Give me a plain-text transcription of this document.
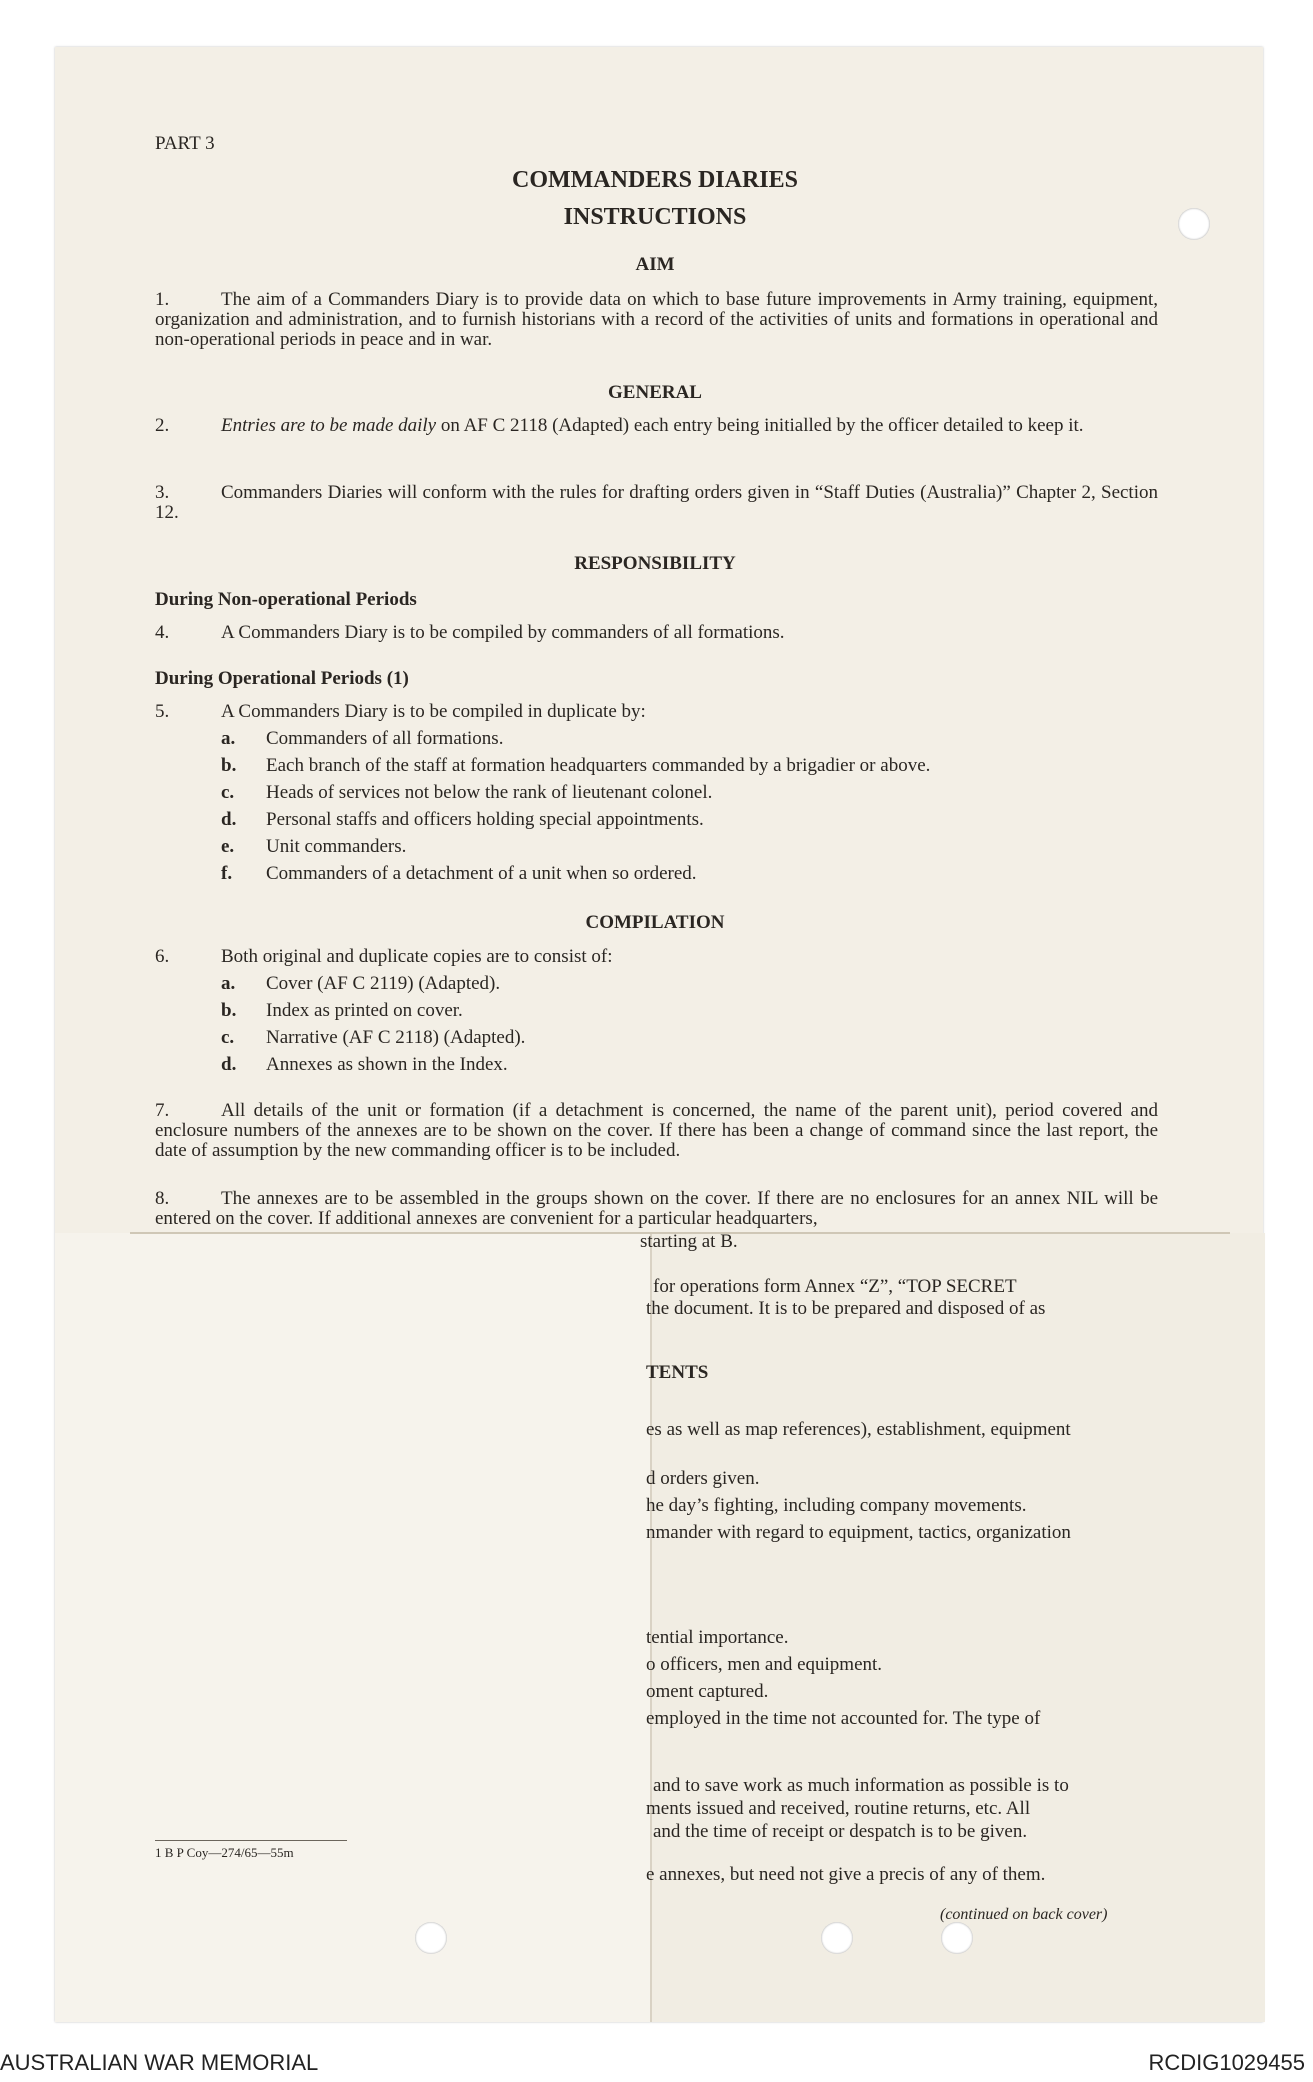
PART 3
COMMANDERS DIARIES
INSTRUCTIONS
AIM
1.	The aim of a Commanders Diary is to provide data on which to base future improvements in Army training, equipment, organization and administration, and to furnish historians with a record of the activities of units and formations in operational and non-operational periods in peace and in war.
GENERAL
2.	Entries are to be made daily on AF C 2118 (Adapted) each entry being initialled by the officer detailed to keep it.
3.	Commanders Diaries will conform with the rules for drafting orders given in “Staff Duties (Australia)” Chapter 2, Section 12.
RESPONSIBILITY
During Non-operational Periods
4.	A Commanders Diary is to be compiled by commanders of all formations.
During Operational Periods (1)
5.	A Commanders Diary is to be compiled in duplicate by:
a. Commanders of all formations.
b. Each branch of the staff at formation headquarters commanded by a brigadier or above.
c. Heads of services not below the rank of lieutenant colonel.
d. Personal staffs and officers holding special appointments.
e. Unit commanders.
f. Commanders of a detachment of a unit when so ordered.
COMPILATION
6.	Both original and duplicate copies are to consist of:
a. Cover (AF C 2119) (Adapted).
b. Index as printed on cover.
c. Narrative (AF C 2118) (Adapted).
d. Annexes as shown in the Index.
7.	All details of the unit or formation (if a detachment is concerned, the name of the parent unit), period covered and enclosure numbers of the annexes are to be shown on the cover. If there has been a change of command since the last report, the date of assumption by the new commanding officer is to be included.
8.	The annexes are to be assembled in the groups shown on the cover. If there are no enclosures for an annex NIL will be entered on the cover. If additional annexes are convenient for a particular headquarters,
starting at B.
for operations form Annex “Z”, “TOP SECRET
the document. It is to be prepared and disposed of as
TENTS
es as well as map references), establishment, equipment
d orders given.
he day’s fighting, including company movements.
nmander with regard to equipment, tactics, organization
tential importance.
o officers, men and equipment.
oment captured.
employed in the time not accounted for. The type of
and to save work as much information as possible is to
ments issued and received, routine returns, etc. All
and the time of receipt or despatch is to be given.
e annexes, but need not give a precis of any of them.
(continued on back cover)
1 B P Coy—274/65—55m
AUSTRALIAN WAR MEMORIAL	RCDIG1029455
